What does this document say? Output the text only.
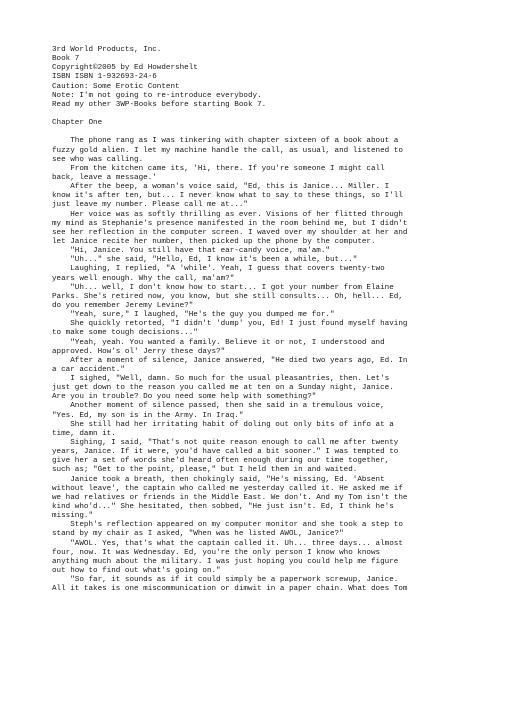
3rd World Products, Inc.
Book 7
Copyright©2005 by Ed Howdershelt
ISBN ISBN 1-932693-24-6
Caution: Some Erotic Content
Note: I'm not going to re-introduce everybody.
Read my other 3WP-Books before starting Book 7.
Chapter One
The phone rang as I was tinkering with chapter sixteen of a book about a
fuzzy gold alien. I let my machine handle the call, as usual, and listened to
see who was calling.
From the kitchen came its, 'Hi, there. If you're someone I might call
back, leave a message.'
After the beep, a woman's voice said, "Ed, this is Janice... Miller. I
know it's after ten, but... I never know what to say to these things, so I'll
just leave my number. Please call me at..."
Her voice was as softly thrilling as ever. Visions of her flitted through
my mind as Stephanie's presence manifested in the room behind me, but I didn't
see her reflection in the computer screen. I waved over my shoulder at her and
let Janice recite her number, then picked up the phone by the computer.
"Hi, Janice. You still have that ear-candy voice, ma'am."
"Uh..." she said, "Hello, Ed, I know it's been a while, but..."
Laughing, I replied, "A 'while'. Yeah, I guess that covers twenty-two
years well enough. Why the call, ma'am?"
"Uh... well, I don't know how to start... I got your number from Elaine
Parks. She's retired now, you know, but she still consults... Oh, hell... Ed,
do you remember Jeremy Levine?"
"Yeah, sure," I laughed, "He's the guy you dumped me for."
She quickly retorted, "I didn't 'dump' you, Ed! I just found myself having
to make some tough decisions..."
"Yeah, yeah. You wanted a family. Believe it or not, I understood and
approved. How's ol' Jerry these days?"
After a moment of silence, Janice answered, "He died two years ago, Ed. In
a car accident."
I sighed, "Well, damn. So much for the usual pleasantries, then. Let's
just get down to the reason you called me at ten on a Sunday night, Janice.
Are you in trouble? Do you need some help with something?"
Another moment of silence passed, then she said in a tremulous voice,
"Yes. Ed, my son is in the Army. In Iraq."
She still had her irritating habit of doling out only bits of info at a
time, damn it.
Sighing, I said, "That's not quite reason enough to call me after twenty
years, Janice. If it were, you'd have called a bit sooner." I was tempted to
give her a set of words she'd heard often enough during our time together,
such as; "Get to the point, please," but I held them in and waited.
Janice took a breath, then chokingly said, "He's missing, Ed. 'Absent
without leave', the captain who called me yesterday called it. He asked me if
we had relatives or friends in the Middle East. We don't. And my Tom isn't the
kind who'd..." She hesitated, then sobbed, "He just isn't. Ed, I think he's
missing."
Steph's reflection appeared on my computer monitor and she took a step to
stand by my chair as I asked, "When was he listed AWOL, Janice?"
"AWOL. Yes, that's what the captain called it. Uh... three days... almost
four, now. It was Wednesday. Ed, you're the only person I know who knows
anything much about the military. I was just hoping you could help me figure
out how to find out what's going on."
"So far, it sounds as if it could simply be a paperwork screwup, Janice.
All it takes is one miscommunication or dimwit in a paper chain. What does Tom
